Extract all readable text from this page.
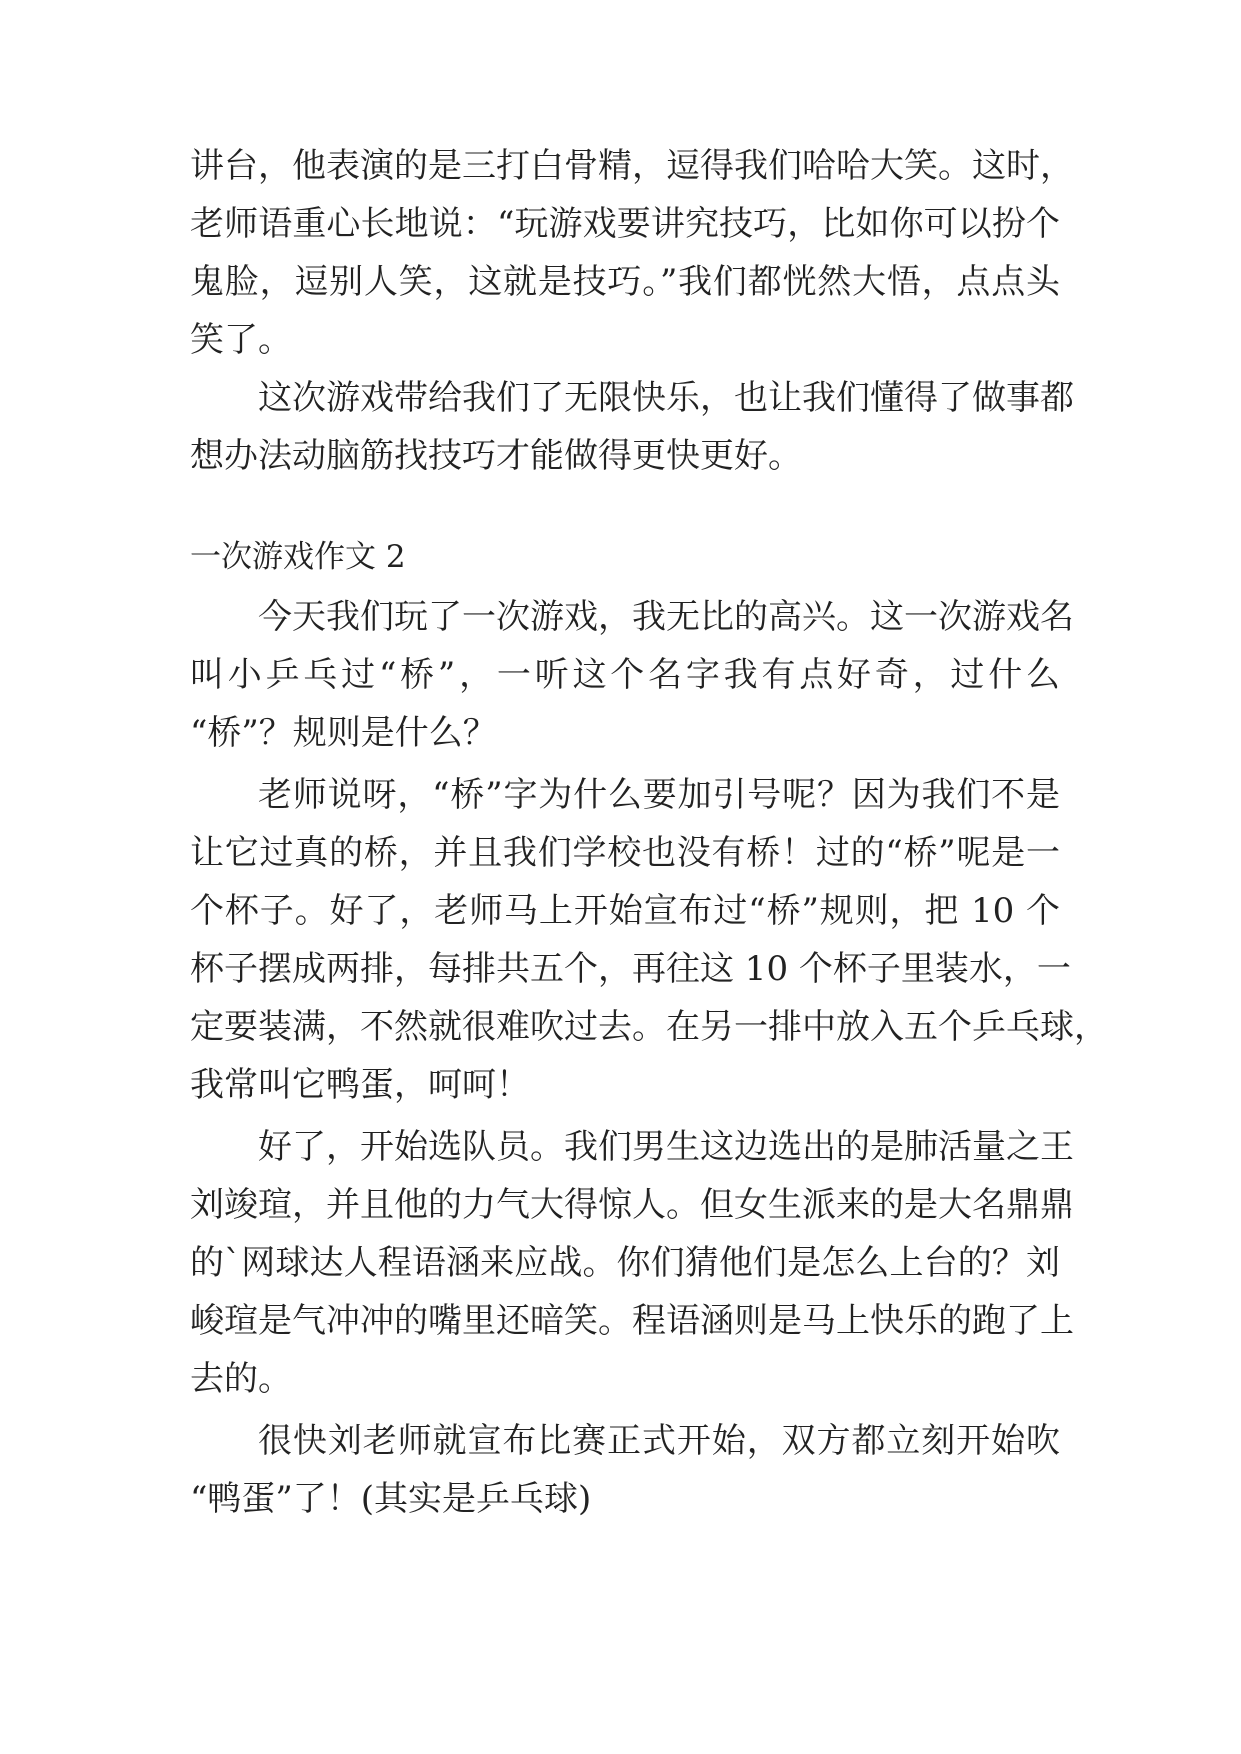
讲台，他表演的是三打白骨精，逗得我们哈哈大笑。这时，
老师语重心长地说：“玩游戏要讲究技巧，比如你可以扮个
鬼脸，逗别人笑，这就是技巧。”我们都恍然大悟，点点头
笑了。
这次游戏带给我们了无限快乐，也让我们懂得了做事都
想办法动脑筋找技巧才能做得更快更好。
一次游戏作文 2
今天我们玩了一次游戏，我无比的高兴。这一次游戏名
叫小乒乓过“桥”，一听这个名字我有点好奇，过什么
“桥”？规则是什么？
老师说呀，“桥”字为什么要加引号呢？因为我们不是
让它过真的桥，并且我们学校也没有桥！过的“桥”呢是一
个杯子。好了，老师马上开始宣布过“桥”规则，把 10 个
杯子摆成两排，每排共五个，再往这 10 个杯子里装水，一
定要装满，不然就很难吹过去。在另一排中放入五个乒乓球，
我常叫它鸭蛋，呵呵！
好了，开始选队员。我们男生这边选出的是肺活量之王
刘竣瑄，并且他的力气大得惊人。但女生派来的是大名鼎鼎
的`网球达人程语涵来应战。你们猜他们是怎么上台的？刘
峻瑄是气冲冲的嘴里还暗笑。程语涵则是马上快乐的跑了上
去的。
很快刘老师就宣布比赛正式开始，双方都立刻开始吹
“鸭蛋”了！(其实是乒乓球)
